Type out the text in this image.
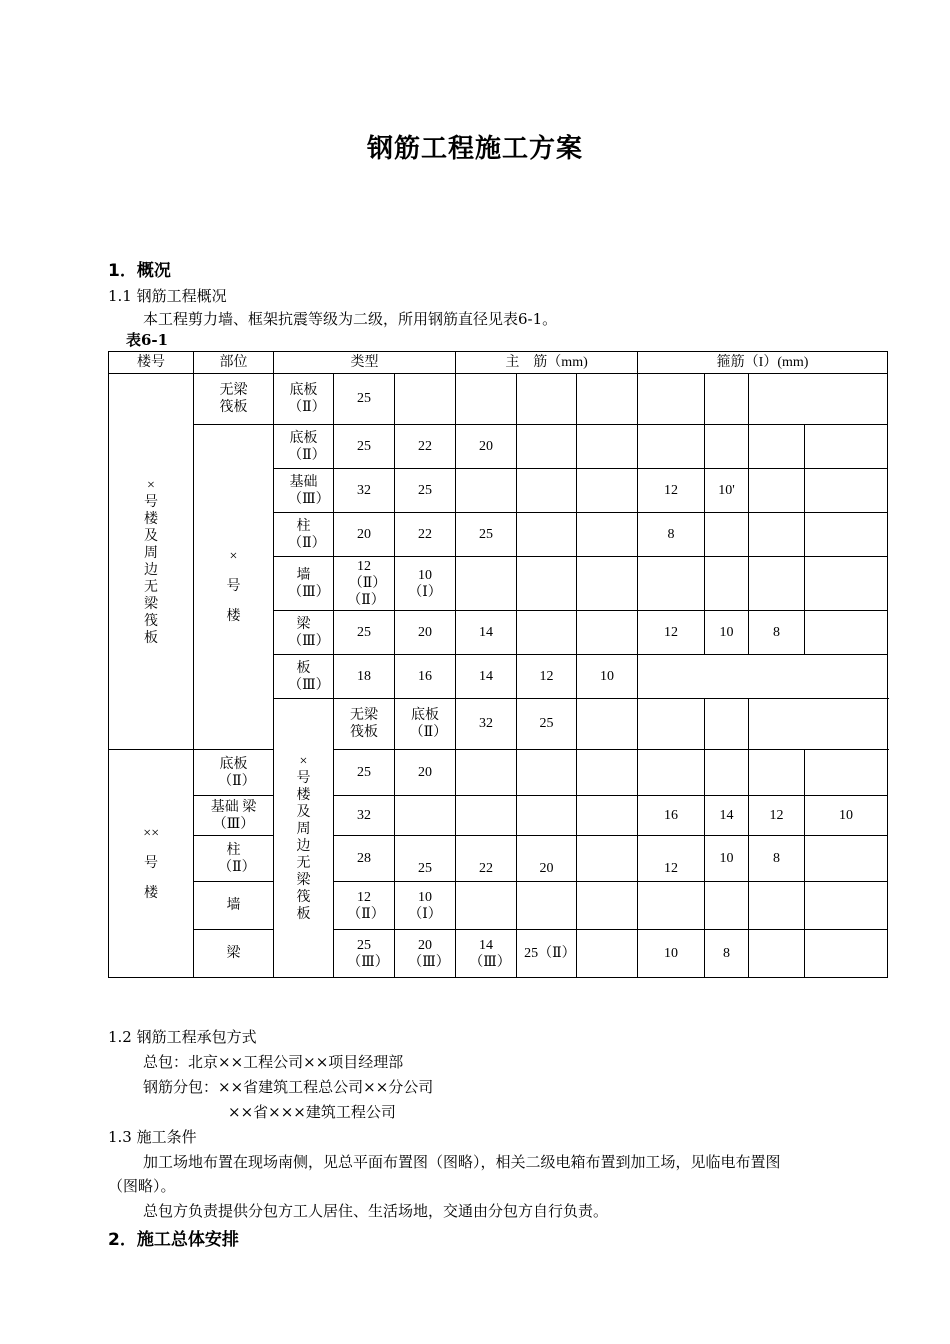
钢筋工程施工方案
1．概况
1.1 钢筋工程概况
本工程剪力墙、框架抗震等级为二级，所用钢筋直径见表6-1。
表6-1
楼号	部位	类型			主　筋（mm)			箍筋（I）(mm)			
×号楼及周边无梁筏板	无梁筏板	底板（Ⅱ）	25								
	×号楼	底板（Ⅱ）	25	22	20						
		基础（Ⅲ）	32	25				12	10'		
		柱（Ⅱ）	20	22	25			8			
		墙（Ⅲ）	12（Ⅱ）（Ⅱ）	10（Ⅰ）							
		梁（Ⅲ）	25	20	14			12	10	8	
		板（Ⅲ）	18	16	14	12	10				
		×号楼及周边无梁筏板	无梁筏板	底板（Ⅱ）	32	25					
××号楼	底板（Ⅱ）		25	20							
	基础 梁（Ⅲ）		32					16	14	12	10
	柱（Ⅱ）		28	25	22	20		12	10	8	
	墙		12（Ⅱ）	10（Ⅰ）							
	梁		25（Ⅲ）	20（Ⅲ）	14（Ⅲ）	25（Ⅱ）		10	8		
1.2 钢筋工程承包方式
总包：北京××工程公司××项目经理部
钢筋分包：××省建筑工程总公司××分公司
××省×××建筑工程公司
1.3 施工条件
加工场地布置在现场南侧，见总平面布置图（图略），相关二级电箱布置到加工场，见临电布置图
（图略）。
总包方负责提供分包方工人居住、生活场地，交通由分包方自行负责。
2．施工总体安排
